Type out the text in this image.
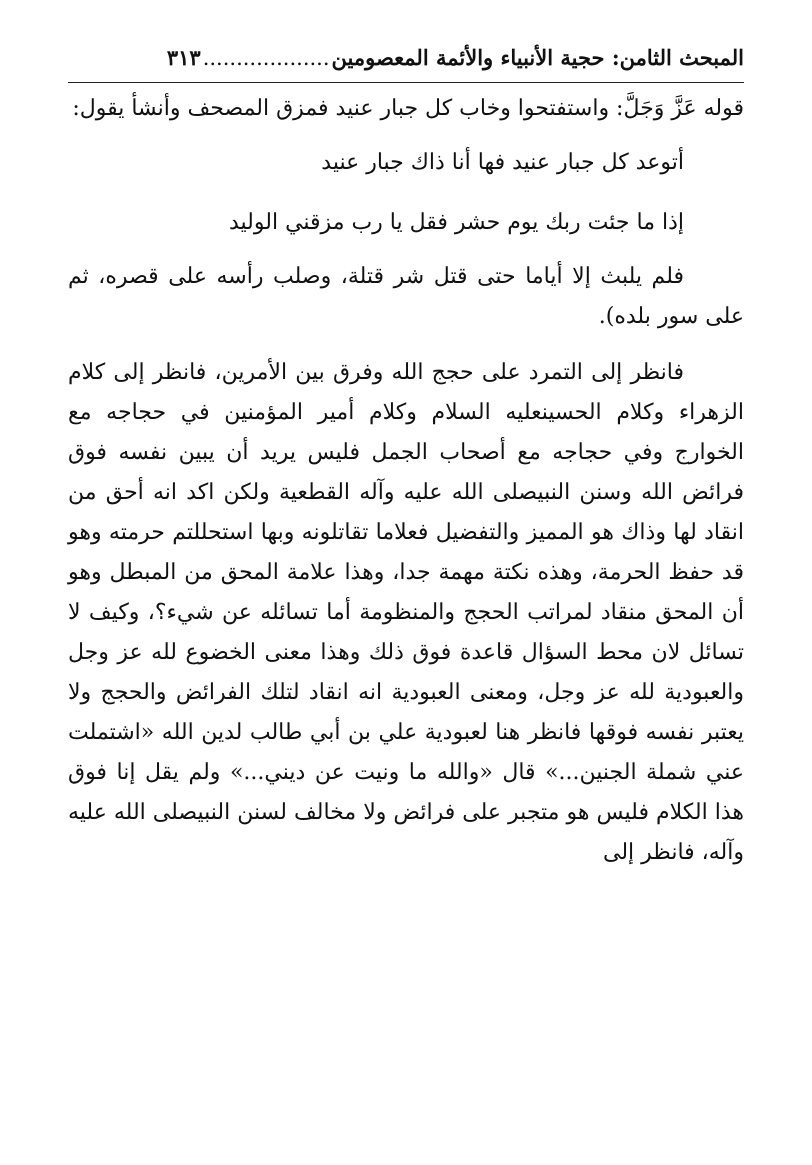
المبحث الثامن: حجية الأنبياء والأئمة المعصومين
...................
٣١٣

قوله عَزَّ وَجَلَّ: واستفتحوا وخاب كل جبار عنيد فمزق المصحف وأنشأ يقول:

أتوعد كل جبار عنيد فها أنا ذاك جبار عنيد

إذا ما جئت ربك يوم حشر فقل يا رب مزقني الوليد

فلم يلبث إلا أياما حتى قتل شر قتلة، وصلب رأسه على قصره، ثم على سور بلده).

فانظر إلى التمرد على حجج الله وفرق بين الأمرين، فانظر إلى كلام الزهراء وكلام الحسينعليه السلام وكلام أمير المؤمنين في حجاجه مع الخوارج وفي حجاجه مع أصحاب الجمل فليس يريد أن يبين نفسه فوق فرائض الله وسنن النبيصلى الله عليه وآله القطعية ولكن اكد انه أحق من انقاد لها وذاك هو المميز والتفضيل فعلاما تقاتلونه وبها استحللتم حرمته وهو قد حفظ الحرمة، وهذه نكتة مهمة جدا، وهذا علامة المحق من المبطل وهو أن المحق منقاد لمراتب الحجج والمنظومة أما تسائله عن شيء؟، وكيف لا تسائل لان محط السؤال قاعدة فوق ذلك وهذا معنى الخضوع لله عز وجل والعبودية لله عز وجل، ومعنى العبودية انه انقاد لتلك الفرائض والحجج ولا يعتبر نفسه فوقها فانظر هنا لعبودية علي بن أبي طالب لدين الله «اشتملت عني شملة الجنين...» قال «والله ما ونيت عن ديني...» ولم يقل إنا فوق هذا الكلام فليس هو متجبر على فرائض ولا مخالف لسنن النبيصلى الله عليه وآله، فانظر إلى
